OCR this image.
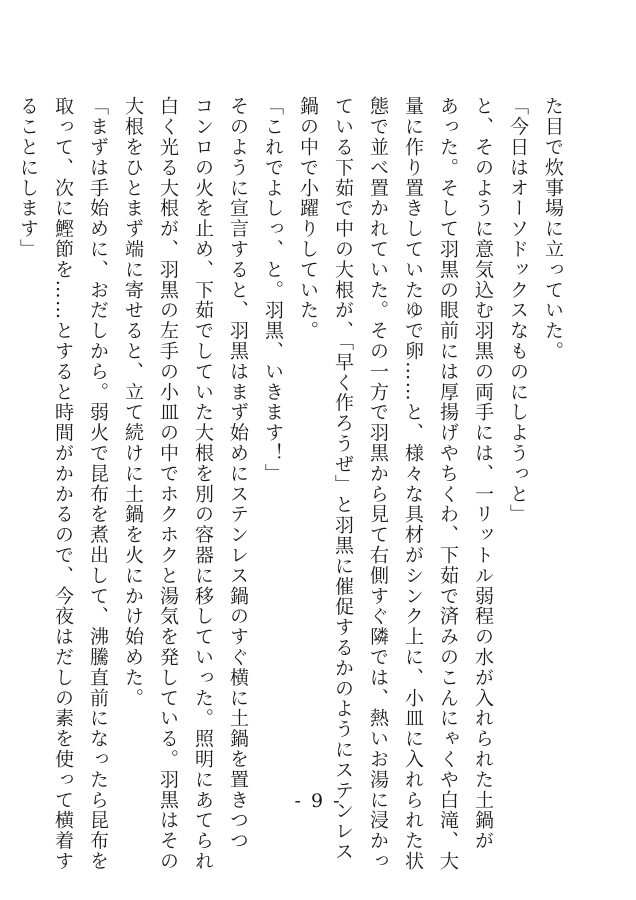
た目で炊事場に立っていた。
「今日はオーソドックスなものにしようっと」
と、そのように意気込む羽黒の両手には、一リットル弱程の水が入れられた土鍋が
あった。そして羽黒の眼前には厚揚げやちくわ、下茹で済みのこんにゃくや白滝、大
量に作り置きしていたゆで卵……と、様々な具材がシンク上に、小皿に入れられた状
態で並べ置かれていた。その一方で羽黒から見て右側すぐ隣では、熱いお湯に浸かっ
ている下茹で中の大根が、「早く作ろうぜ」と羽黒に催促するかのようにステンレス
鍋の中で小躍りしていた。
「これでよしっ、と。羽黒、いきます！」
そのように宣言すると、羽黒はまず始めにステンレス鍋のすぐ横に土鍋を置きつつ
コンロの火を止め、下茹でしていた大根を別の容器に移していった。照明にあてられ
白く光る大根が、羽黒の左手の小皿の中でホクホクと湯気を発している。羽黒はその
大根をひとまず端に寄せると、立て続けに土鍋を火にかけ始めた。
「まずは手始めに、おだしから。弱火で昆布を煮出して、沸騰直前になったら昆布を
取って、次に鰹節を……とすると時間がかかるので、今夜はだしの素を使って横着す
ることにします」
- 9 -
